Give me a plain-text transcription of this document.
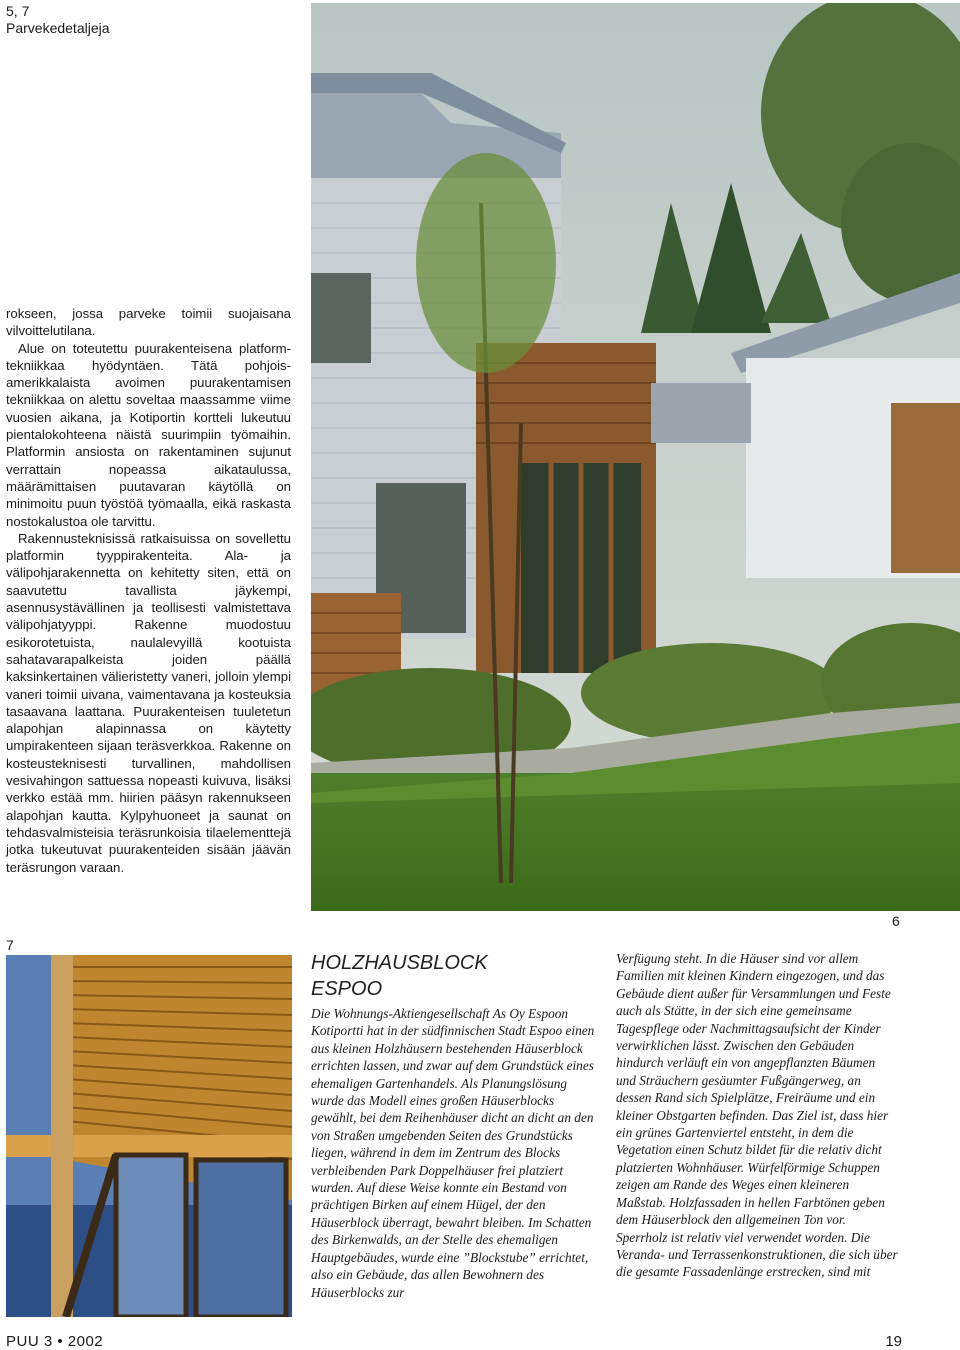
5, 7
Parvekedetaljeja

rokseen, jossa parveke toimii suojaisana vilvoittelutilana.

Alue on toteutettu puurakenteisena platform- tekniikkaa hyödyntäen. Tätä pohjois-amerikkalaista avoimen puurakentamisen tekniikkaa on alettu soveltaa maassamme viime vuosien aikana, ja Kotiportin kortteli lukeutuu pientalokohteena näistä suurimpiin työmaihin. Platformin ansiosta on rakentaminen sujunut verrattain nopeassa aikataulussa, määrämittaisen puutavaran käytöllä on minimoitu puun työstöä työmaalla, eikä raskasta nostokalustoa ole tarvittu.

Rakennusteknisissä ratkaisuissa on sovellettu platformin tyyppirakenteita. Ala- ja välipohjarakennetta on kehitetty siten, että on saavutettu tavallista jäykempi, asennusystävällinen ja teollisesti valmistettava välipohjatyyppi. Rakenne muodostuu esikorotetuista, naulalevyillä kootuista sahatavarapalkeista joiden päällä kaksinkertainen välieristetty vaneri, jolloin ylempi vaneri toimii uivana, vaimentavana ja kosteuksia tasaavana laattana. Puurakenteisen tuuletetun alapohjan alapinnassa on käytetty umpirakenteen sijaan teräsverkkoa. Rakenne on kosteusteknisesti turvallinen, mahdollisen vesivahingon sattuessa nopeasti kuivuva, lisäksi verkko estää mm. hiirien pääsyn rakennukseen alapohjan kautta. Kylpyhuoneet ja saunat on tehdasvalmisteisia teräsrunkoisia tilaelementtejä jotka tukeutuvat puurakenteiden sisään jäävän teräsrungon varaan.

6
7
HOLZHAUSBLOCK
ESPOO

Die Wohnungs-Aktiengesellschaft As Oy Espoon Kotiportti hat in der südfinnischen Stadt Espoo einen aus kleinen Holzhäusern bestehenden Häuserblock errichten lassen, und zwar auf dem Grundstück eines ehemaligen Gartenhandels. Als Planungslösung wurde das Modell eines großen Häuserblocks gewählt, bei dem Reihenhäuser dicht an dicht an den von Straßen umgebenden Seiten des Grundstücks liegen, während in dem im Zentrum des Blocks verbleibenden Park Doppelhäuser frei platziert wurden. Auf diese Weise konnte ein Bestand von prächtigen Birken auf einem Hügel, der den Häuserblock überragt, bewahrt bleiben. Im Schatten des Birkenwalds, an der Stelle des ehemaligen Hauptgebäudes, wurde eine ”Blockstube” errichtet, also ein Gebäude, das allen Bewohnern des Häuserblocks zur

Verfügung steht. In die Häuser sind vor allem Familien mit kleinen Kindern eingezogen, und das Gebäude dient außer für Versammlungen und Feste auch als Stätte, in der sich eine gemeinsame Tagespflege oder Nachmittagsaufsicht der Kinder verwirklichen lässt. Zwischen den Gebäuden hindurch verläuft ein von angepflanzten Bäumen und Sträuchern gesäumter Fußgängerweg, an dessen Rand sich Spielplätze, Freiräume und ein kleiner Obstgarten befinden. Das Ziel ist, dass hier ein grünes Gartenviertel entsteht, in dem die Vegetation einen Schutz bildet für die relativ dicht platzierten Wohnhäuser. Würfelförmige Schuppen zeigen am Rande des Weges einen kleineren Maßstab. Holzfassaden in hellen Farbtönen geben dem Häuserblock den allgemeinen Ton vor. Sperrholz ist relativ viel verwendet worden. Die Veranda- und Terrassenkonstruktionen, die sich über die gesamte Fassadenlänge erstrecken, sind mit

PUU 3 • 2002	19
